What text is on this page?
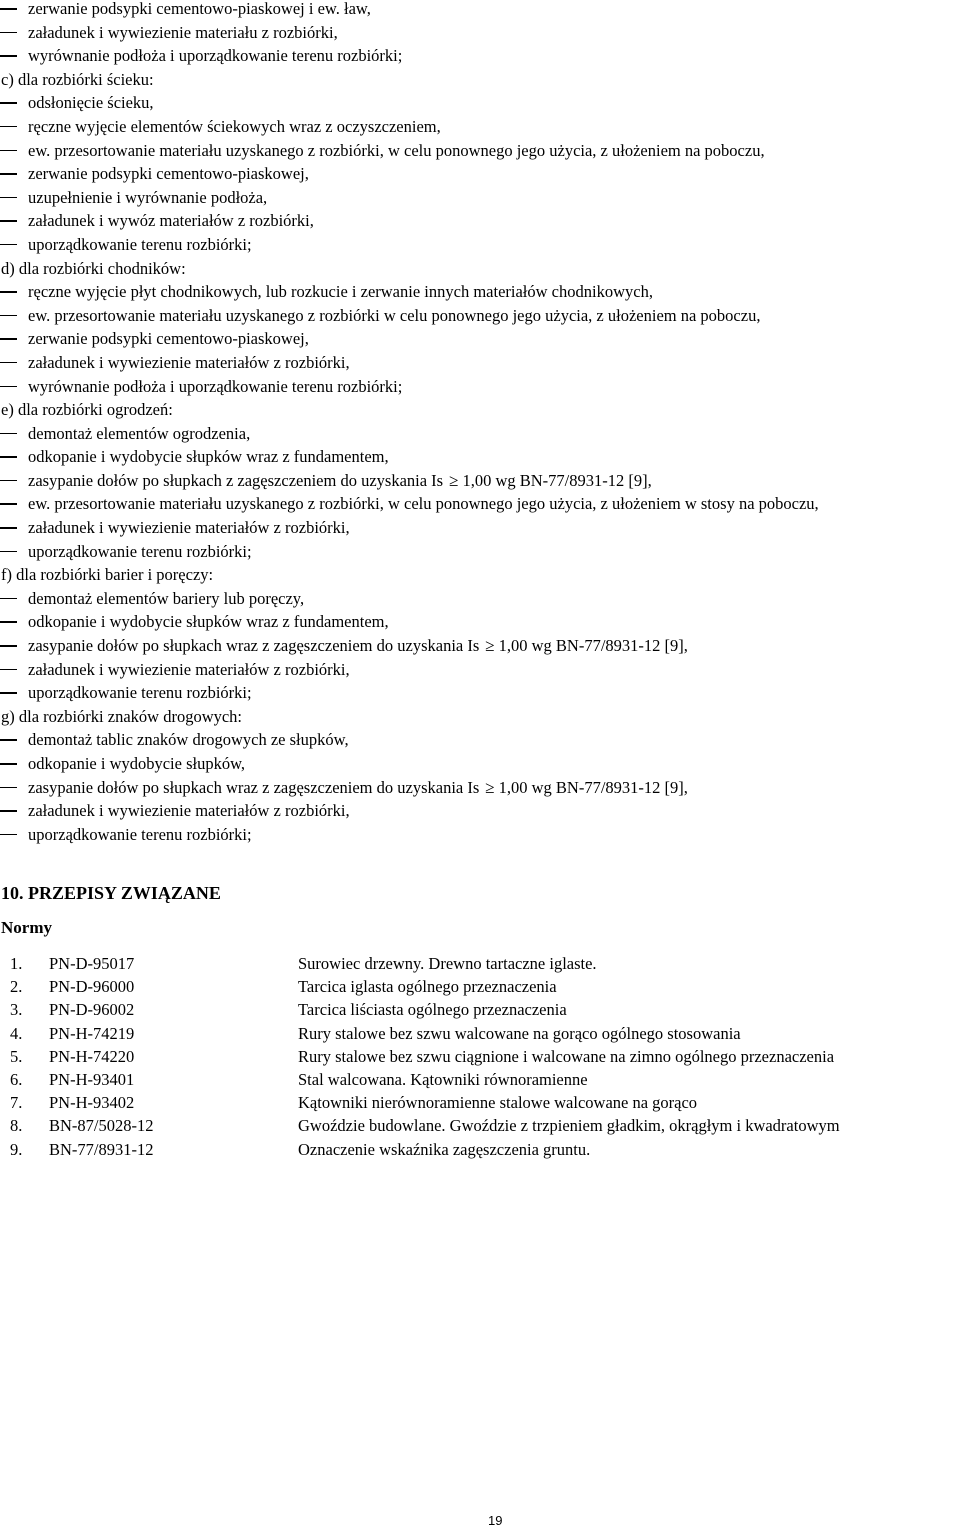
zerwanie podsypki cementowo-piaskowej i ew. ław,
załadunek i wywiezienie materiału z rozbiórki,
wyrównanie podłoża i uporządkowanie terenu rozbiórki;
c) dla rozbiórki ścieku:
odsłonięcie ścieku,
ręczne wyjęcie elementów ściekowych wraz z oczyszczeniem,
ew. przesortowanie materiału uzyskanego z rozbiórki, w celu ponownego jego użycia, z ułożeniem na poboczu,
zerwanie podsypki cementowo-piaskowej,
uzupełnienie i wyrównanie podłoża,
załadunek i wywóz materiałów z rozbiórki,
uporządkowanie terenu rozbiórki;
d) dla rozbiórki chodników:
ręczne wyjęcie płyt chodnikowych, lub rozkucie i zerwanie innych materiałów chodnikowych,
ew. przesortowanie materiału uzyskanego z rozbiórki w celu ponownego jego użycia, z ułożeniem na poboczu,
zerwanie podsypki cementowo-piaskowej,
załadunek i wywiezienie materiałów z rozbiórki,
wyrównanie podłoża i uporządkowanie terenu rozbiórki;
e) dla rozbiórki ogrodzeń:
demontaż elementów ogrodzenia,
odkopanie i wydobycie słupków wraz z fundamentem,
zasypanie dołów po słupkach z zagęszczeniem do uzyskania Is ≥ 1,00 wg BN-77/8931-12 [9],
ew. przesortowanie materiału uzyskanego z rozbiórki, w celu ponownego jego użycia, z ułożeniem w stosy na poboczu,
załadunek i wywiezienie materiałów z rozbiórki,
uporządkowanie terenu rozbiórki;
f) dla rozbiórki barier i poręczy:
demontaż elementów bariery lub poręczy,
odkopanie i wydobycie słupków wraz z fundamentem,
zasypanie dołów po słupkach wraz z zagęszczeniem do uzyskania Is ≥ 1,00 wg BN-77/8931-12 [9],
załadunek i wywiezienie materiałów z rozbiórki,
uporządkowanie terenu rozbiórki;
g) dla rozbiórki znaków drogowych:
demontaż tablic znaków drogowych ze słupków,
odkopanie i wydobycie słupków,
zasypanie dołów po słupkach wraz z zagęszczeniem do uzyskania Is ≥ 1,00 wg BN-77/8931-12 [9],
załadunek i wywiezienie materiałów z rozbiórki,
uporządkowanie terenu rozbiórki;
10. PRZEPISY ZWIĄZANE
Normy
1. PN-D-95017	Surowiec drzewny. Drewno tartaczne iglaste.
2. PN-D-96000	Tarcica iglasta ogólnego przeznaczenia
3. PN-D-96002	Tarcica liściasta ogólnego przeznaczenia
4. PN-H-74219	Rury stalowe bez szwu walcowane na gorąco ogólnego stosowania
5. PN-H-74220	Rury stalowe bez szwu ciągnione i walcowane na zimno ogólnego przeznaczenia
6. PN-H-93401	Stal walcowana. Kątowniki równoramienne
7. PN-H-93402	Kątowniki nierównoramienne stalowe walcowane na gorąco
8. BN-87/5028-12	Gwoździe budowlane. Gwoździe z trzpieniem gładkim, okrągłym i kwadratowym
9. BN-77/8931-12	Oznaczenie wskaźnika zagęszczenia gruntu.
19
